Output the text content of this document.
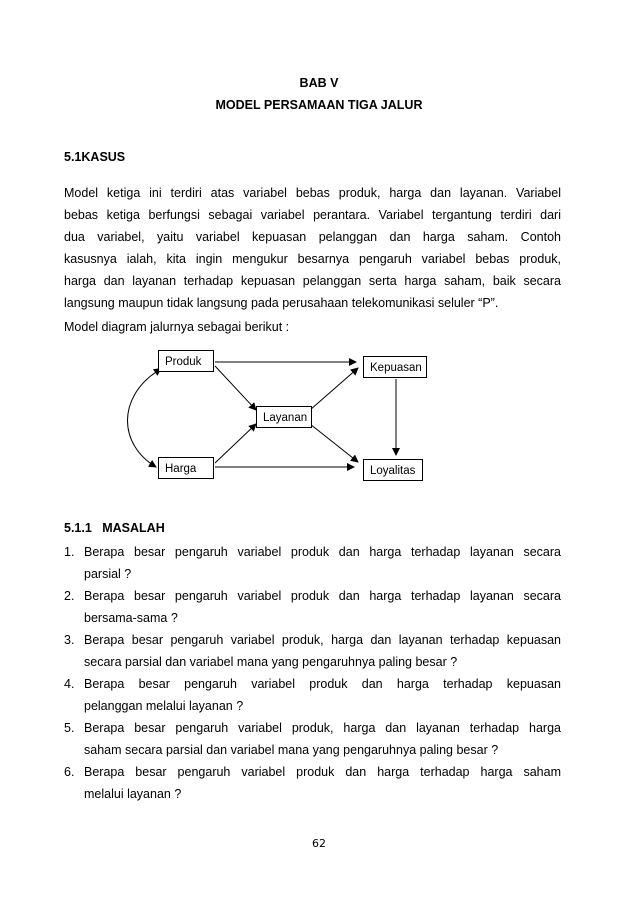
BAB V

MODEL PERSAMAAN TIGA JALUR

5.1KASUS

Model ketiga ini terdiri atas variabel bebas produk, harga dan layanan. Variabel
bebas ketiga berfungsi sebagai variabel perantara. Variabel tergantung terdiri dari
dua variabel, yaitu variabel kepuasan pelanggan dan harga saham. Contoh
kasusnya ialah, kita ingin mengukur besarnya pengaruh variabel bebas produk,
harga dan layanan terhadap kepuasan pelanggan serta harga saham, baik secara
langsung maupun tidak langsung pada perusahaan telekomunikasi seluler “P”.

Model diagram jalurnya sebagai berikut :

Produk	Kepuasan
Layanan
Harga	Loyalitas

5.1.1 MASALAH

1. Berapa besar pengaruh variabel produk dan harga terhadap layanan secara
parsial ?
2. Berapa besar pengaruh variabel produk dan harga terhadap layanan secara
bersama-sama ?
3. Berapa besar pengaruh variabel produk, harga dan layanan terhadap kepuasan
secara parsial dan variabel mana yang pengaruhnya paling besar ?
4. Berapa besar pengaruh variabel produk dan harga terhadap kepuasan
pelanggan melalui layanan ?
5. Berapa besar pengaruh variabel produk, harga dan layanan terhadap harga
saham secara parsial dan variabel mana yang pengaruhnya paling besar ?
6. Berapa besar pengaruh variabel produk dan harga terhadap harga saham
melalui layanan ?

62
